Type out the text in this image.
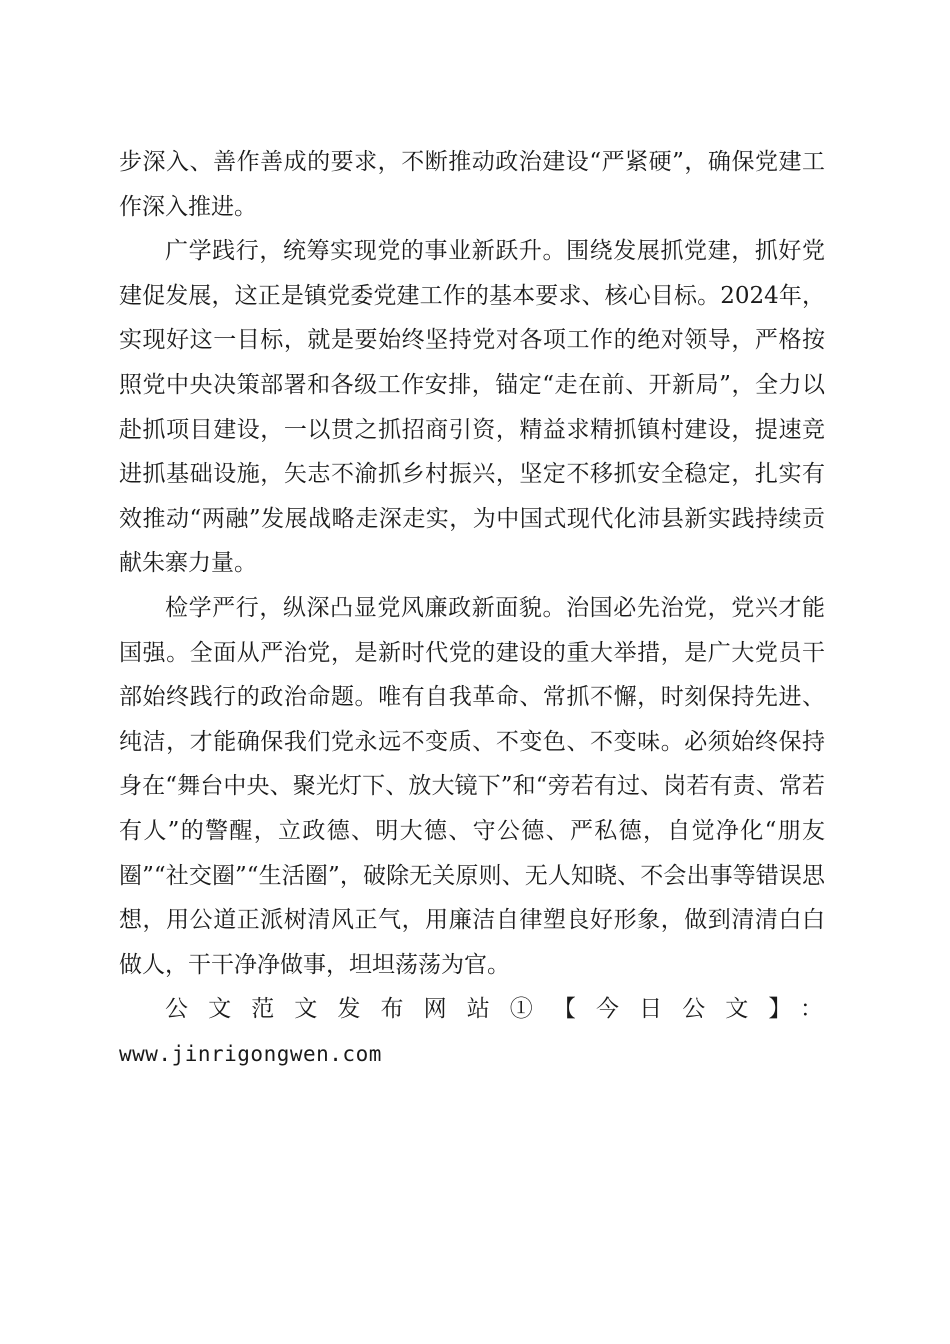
步深入、善作善成的要求，不断推动政治建设“严紧硬”，确保党建工作深入推进。

广学践行，统筹实现党的事业新跃升。围绕发展抓党建，抓好党建促发展，这正是镇党委党建工作的基本要求、核心目标。2024年，实现好这一目标，就是要始终坚持党对各项工作的绝对领导，严格按照党中央决策部署和各级工作安排，锚定“走在前、开新局”，全力以赴抓项目建设，一以贯之抓招商引资，精益求精抓镇村建设，提速竞进抓基础设施，矢志不渝抓乡村振兴，坚定不移抓安全稳定，扎实有效推动“两融”发展战略走深走实，为中国式现代化沛县新实践持续贡献朱寨力量。

检学严行，纵深凸显党风廉政新面貌。治国必先治党，党兴才能国强。全面从严治党，是新时代党的建设的重大举措，是广大党员干部始终践行的政治命题。唯有自我革命、常抓不懈，时刻保持先进、纯洁，才能确保我们党永远不变质、不变色、不变味。必须始终保持身在“舞台中央、聚光灯下、放大镜下”和“旁若有过、岗若有责、常若有人”的警醒，立政德、明大德、守公德、严私德，自觉净化“朋友圈”“社交圈”“生活圈”，破除无关原则、无人知晓、不会出事等错误思想，用公道正派树清风正气，用廉洁自律塑良好形象，做到清清白白做人，干干净净做事，坦坦荡荡为官。

公文范文发布网站①【今日公文】：

www.jinrigongwen.com
